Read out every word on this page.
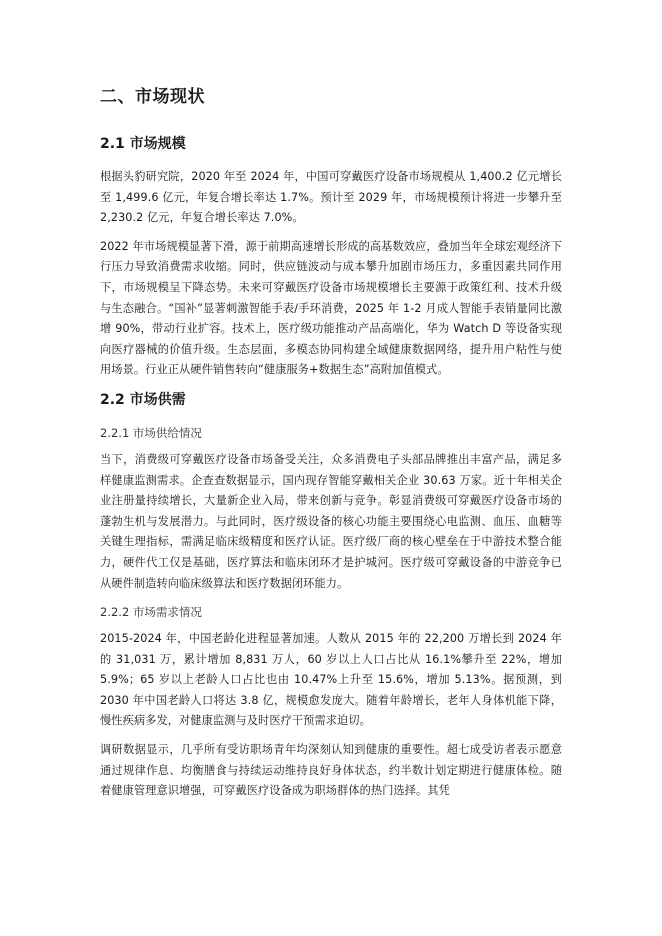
二、市场现状
2.1 市场规模

根据头豹研究院，2020 年至 2024 年，中国可穿戴医疗设备市场规模从 1,400.2 亿元增长至 1,499.6 亿元，年复合增长率达 1.7%。预计至 2029 年，市场规模预计将进一步攀升至 2,230.2 亿元，年复合增长率达 7.0%。

2022 年市场规模显著下滑，源于前期高速增长形成的高基数效应，叠加当年全球宏观经济下行压力导致消费需求收缩。同时，供应链波动与成本攀升加剧市场压力，多重因素共同作用下，市场规模呈下降态势。未来可穿戴医疗设备市场规模增长主要源于政策红利、技术升级与生态融合。“国补”显著刺激智能手表/手环消费，2025 年 1-2 月成人智能手表销量同比激增 90%，带动行业扩容。技术上，医疗级功能推动产品高端化，华为 Watch D 等设备实现向医疗器械的价值升级。生态层面，多模态协同构建全域健康数据网络，提升用户粘性与使用场景。行业正从硬件销售转向“健康服务+数据生态”高附加值模式。

2.2 市场供需
2.2.1 市场供给情况

当下，消费级可穿戴医疗设备市场备受关注，众多消费电子头部品牌推出丰富产品，满足多样健康监测需求。企查查数据显示，国内现存智能穿戴相关企业 30.63 万家。近十年相关企业注册量持续增长，大量新企业入局，带来创新与竞争。彰显消费级可穿戴医疗设备市场的蓬勃生机与发展潜力。与此同时，医疗级设备的核心功能主要围绕心电监测、血压、血糖等关键生理指标，需满足临床级精度和医疗认证。医疗级厂商的核心壁垒在于中游技术整合能力，硬件代工仅是基础，医疗算法和临床闭环才是护城河。医疗级可穿戴设备的中游竞争已从硬件制造转向临床级算法和医疗数据闭环能力。

2.2.2 市场需求情况

2015-2024 年，中国老龄化进程显著加速。人数从 2015 年的 22,200 万增长到 2024 年的 31,031 万，累计增加 8,831 万人，60 岁以上人口占比从 16.1%攀升至 22%，增加 5.9%；65 岁以上老龄人口占比也由 10.47%上升至 15.6%，增加 5.13%。据预测，到 2030 年中国老龄人口将达 3.8 亿，规模愈发庞大。随着年龄增长，老年人身体机能下降，慢性疾病多发，对健康监测与及时医疗干预需求迫切。

调研数据显示，几乎所有受访职场青年均深刻认知到健康的重要性。超七成受访者表示愿意通过规律作息、均衡膳食与持续运动维持良好身体状态，约半数计划定期进行健康体检。随着健康管理意识增强，可穿戴医疗设备成为职场群体的热门选择。其凭
